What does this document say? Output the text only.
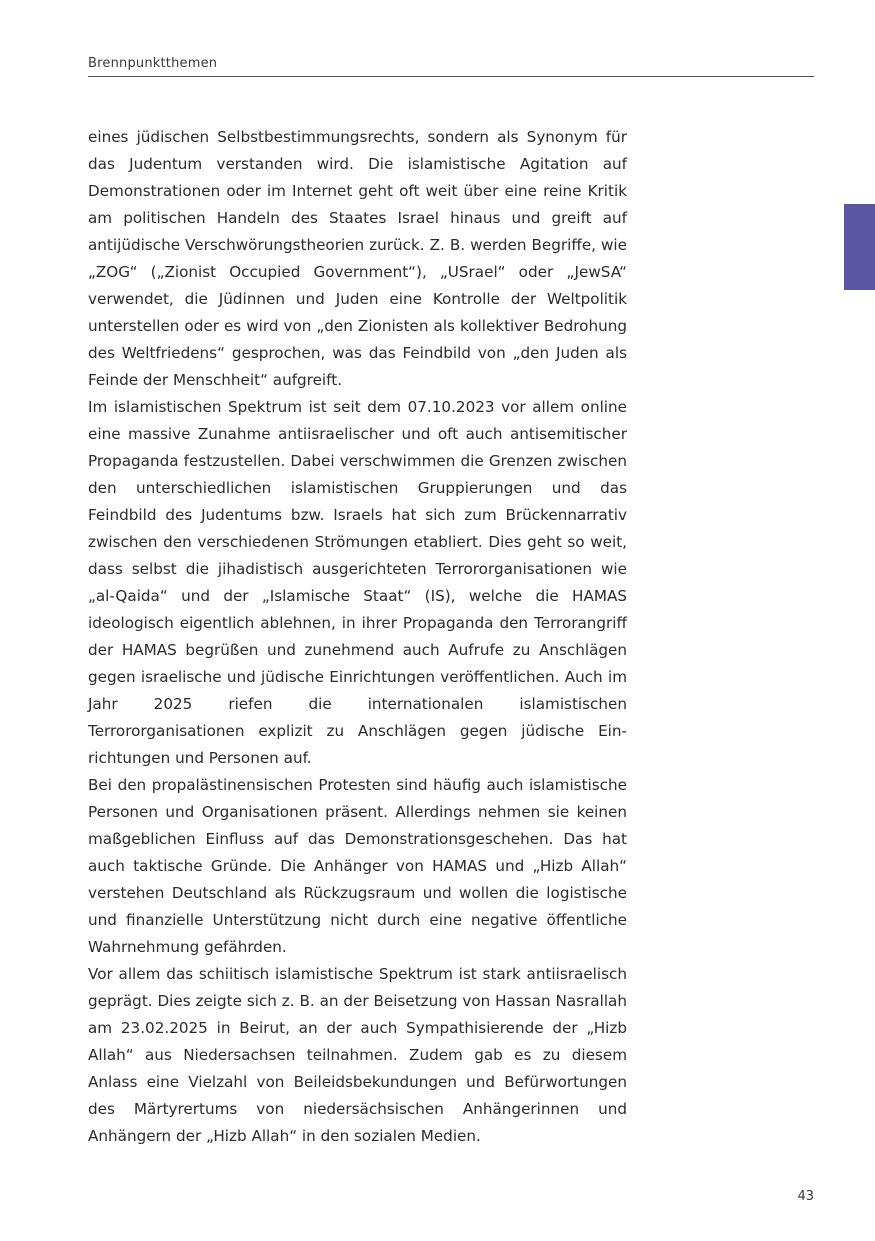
Brennpunktthemen

eines jüdischen Selbstbestimmungsrechts, sondern als Synonym für das Judentum verstanden wird. Die islamistische Agitation auf Demonstrationen oder im Internet geht oft weit über eine reine Kritik am politischen Handeln des Staates Israel hinaus und greift auf antijüdische Verschwörungstheorien zurück. Z. B. werden Begriffe, wie „ZOG“ („Zionist Occupied Government“), „USrael“ oder „JewSA“ verwendet, die Jüdinnen und Juden eine Kontrolle der Weltpolitik unterstellen oder es wird von „den Zionisten als kollektiver Bedrohung des Weltfriedens“ gesprochen, was das Feindbild von „den Juden als Feinde der Menschheit“ aufgreift.

Im islamistischen Spektrum ist seit dem 07.10.2023 vor allem online eine massive Zunahme antiisraelischer und oft auch antisemitischer Propaganda festzustellen. Dabei verschwimmen die Grenzen zwischen den unterschiedlichen islamistischen Gruppierungen und das Feindbild des Judentums bzw. Israels hat sich zum Brückennarrativ zwischen den verschiedenen Strömungen etabliert. Dies geht so weit, dass selbst die jihadistisch ausgerichteten Terrororganisationen wie „al-Qaida“ und der „Islamische Staat“ (IS), welche die HAMAS ideologisch eigentlich ablehnen, in ihrer Propaganda den Terrorangriff der HAMAS begrüßen und zunehmend auch Aufrufe zu Anschlägen gegen israelische und jüdische Einrichtungen veröffentlichen. Auch im Jahr 2025 riefen die internationalen islamistischen Terrororganisationen explizit zu Anschlägen gegen jüdische Einrichtungen und Personen auf.

Bei den propalästinensischen Protesten sind häufig auch islamistische Personen und Organisationen präsent. Allerdings nehmen sie keinen maßgeblichen Einfluss auf das Demonstrationsgeschehen. Das hat auch taktische Gründe. Die Anhänger von HAMAS und „Hizb Allah“ verstehen Deutschland als Rückzugsraum und wollen die logistische und finanzielle Unterstützung nicht durch eine negative öffentliche Wahrnehmung gefährden.

Vor allem das schiitisch islamistische Spektrum ist stark antiisraelisch geprägt. Dies zeigte sich z. B. an der Beisetzung von Hassan Nasrallah am 23.02.2025 in Beirut, an der auch Sympathisierende der „Hizb Allah“ aus Niedersachsen teilnahmen. Zudem gab es zu diesem Anlass eine Vielzahl von Beileidsbekundungen und Befürwortungen des Märtyrertums von niedersächsischen Anhängerinnen und Anhängern der „Hizb Allah“ in den sozialen Medien.

43
